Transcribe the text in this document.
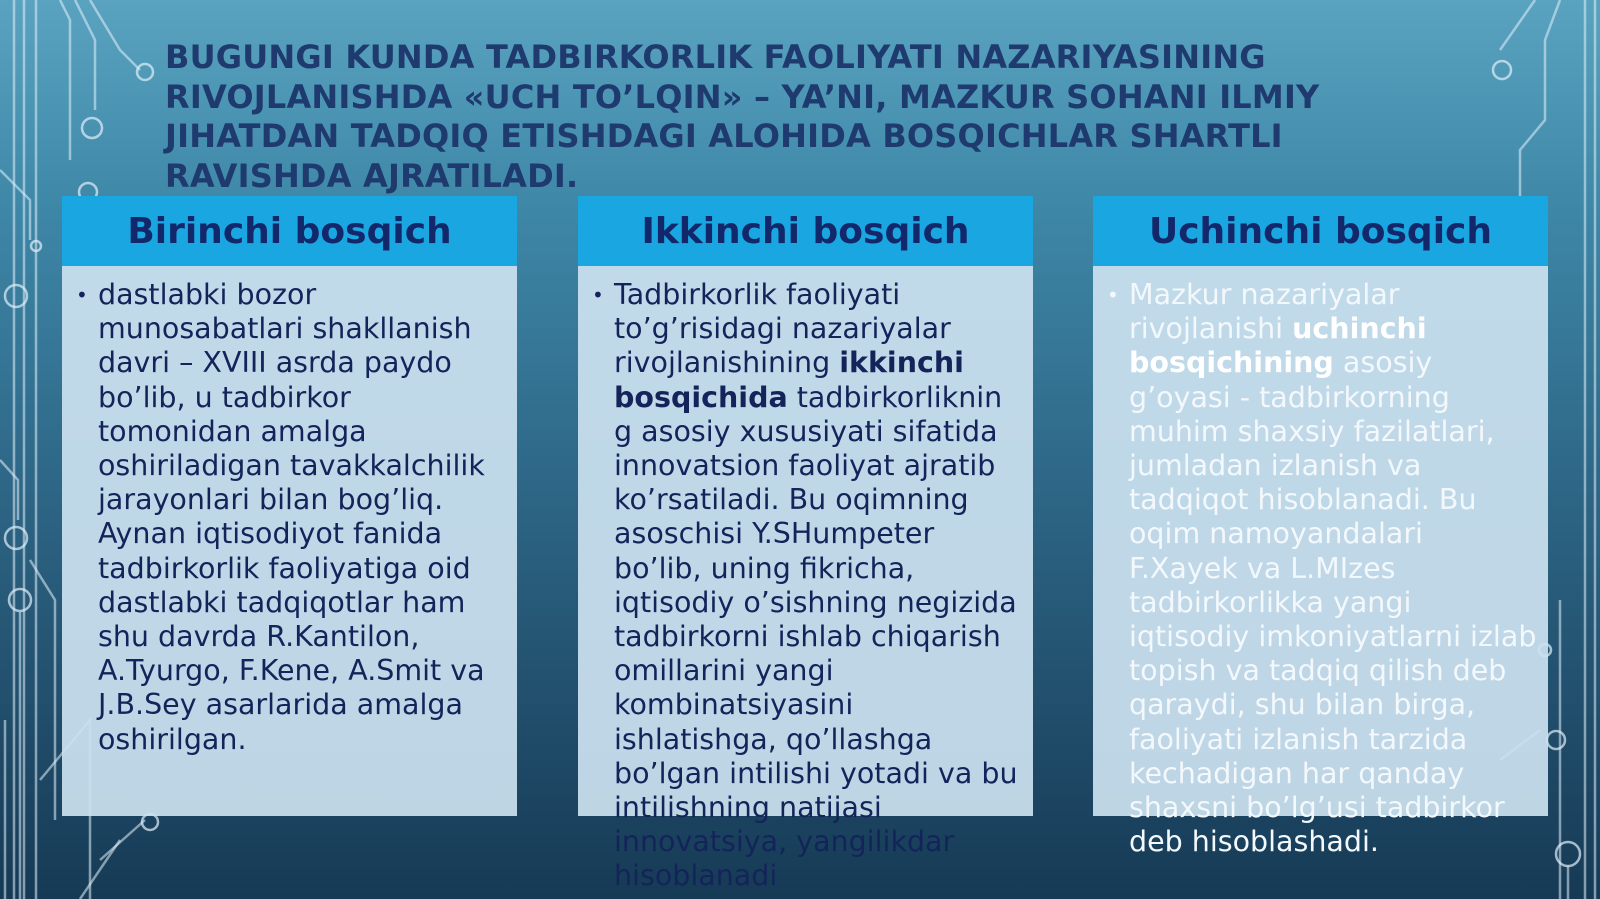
BUGUNGI KUNDA TADBIRKORLIK FAOLIYATI NAZARIYASINING RIVOJLANISHDA «UCH TO’LQIN» – YA’NI, MAZKUR SOHANI ILMIY JIHATDAN TADQIQ ETISHDAGI ALOHIDA BOSQICHLAR SHARTLI RAVISHDA AJRATILADI.
Birinchi bosqich
• dastlabki bozor munosabatlari shakllanish davri – XVIII asrda paydo bo’lib, u tadbirkor tomonidan amalga oshiriladigan tavakkalchilik jarayonlari bilan bog’liq. Aynan iqtisodiyot fanida tadbirkorlik faoliyatiga oid dastlabki tadqiqotlar ham shu davrda R.Kantilon, A.Tyurgo, F.Kene, A.Smit va J.B.Sey asarlarida amalga oshirilgan.
Ikkinchi bosqich
• Tadbirkorlik faoliyati to’g’risidagi nazariyalar rivojlanishining ikkinchi bosqichida tadbirkorliknin g asosiy xususiyati sifatida innovatsion faoliyat ajratib ko’rsatiladi. Bu oqimning asoschisi Y.SHumpeter bo’lib, uning fikricha, iqtisodiy o’sishning negizida tadbirkorni ishlab chiqarish omillarini yangi kombinatsiyasini ishlatishga, qo’llashga bo’lgan intilishi yotadi va bu intilishning natijasi innovatsiya, yangilikdar hisoblanadi
Uchinchi bosqich
• Mazkur nazariyalar rivojlanishi uchinchi bosqichining asosiy g’oyasi - tadbirkorning muhim shaxsiy fazilatlari, jumladan izlanish va tadqiqot hisoblanadi. Bu oqim namoyandalari F.Xayek va L.MIzes tadbirkorlikka yangi iqtisodiy imkoniyatlarni izlab topish va tadqiq qilish deb qaraydi, shu bilan birga, faoliyati izlanish tarzida kechadigan har qanday shaxsni bo’lg’usi tadbirkor deb hisoblashadi.
